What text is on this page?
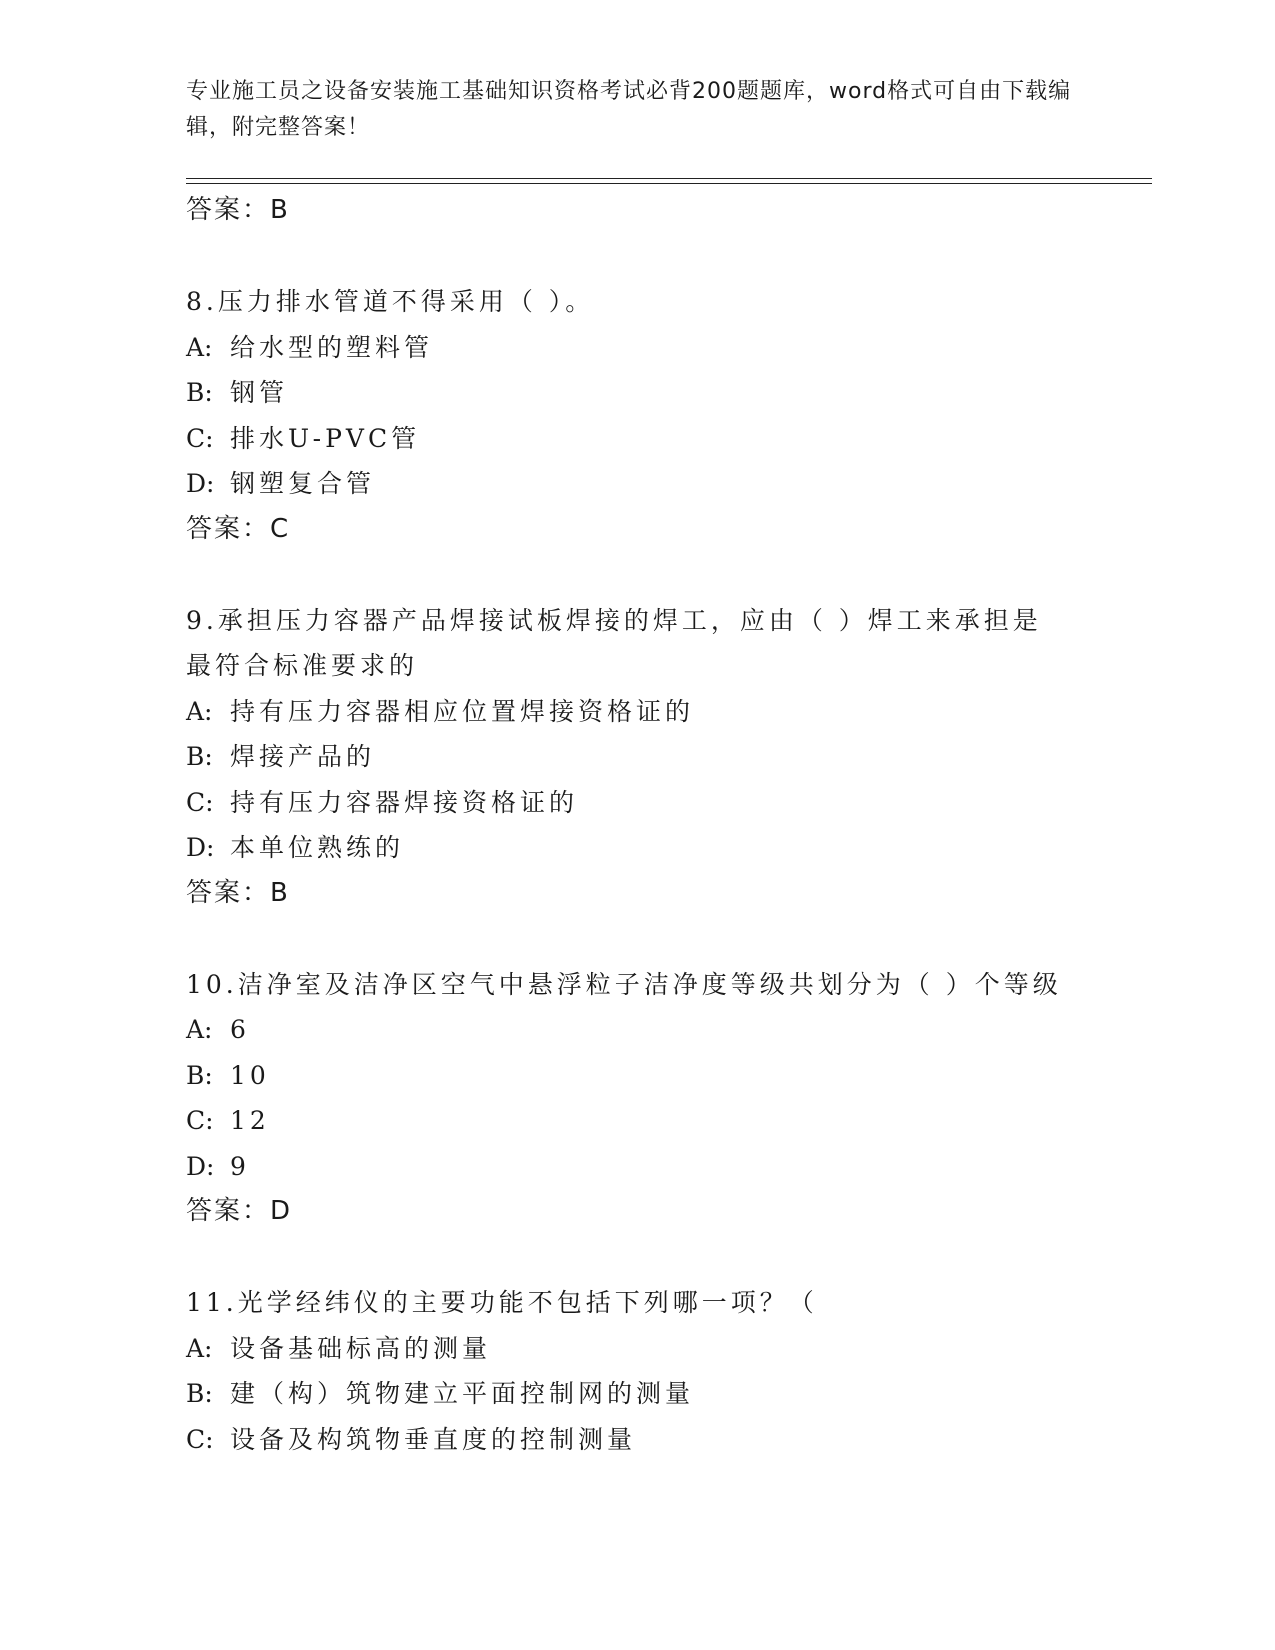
专业施工员之设备安装施工基础知识资格考试必背200题题库，word格式可自由下载编辑，附完整答案！
答案：B
8.压力排水管道不得采用（ ）。
A: 给水型的塑料管
B: 钢管
C: 排水U-PVC管
D: 钢塑复合管
答案：C
9.承担压力容器产品焊接试板焊接的焊工，应由（ ）焊工来承担是最符合标准要求的
A: 持有压力容器相应位置焊接资格证的
B: 焊接产品的
C: 持有压力容器焊接资格证的
D: 本单位熟练的
答案：B
10.洁净室及洁净区空气中悬浮粒子洁净度等级共划分为（ ）个等级
A: 6
B: 10
C: 12
D: 9
答案：D
11.光学经纬仪的主要功能不包括下列哪一项？（
A: 设备基础标高的测量
B: 建（构）筑物建立平面控制网的测量
C: 设备及构筑物垂直度的控制测量
